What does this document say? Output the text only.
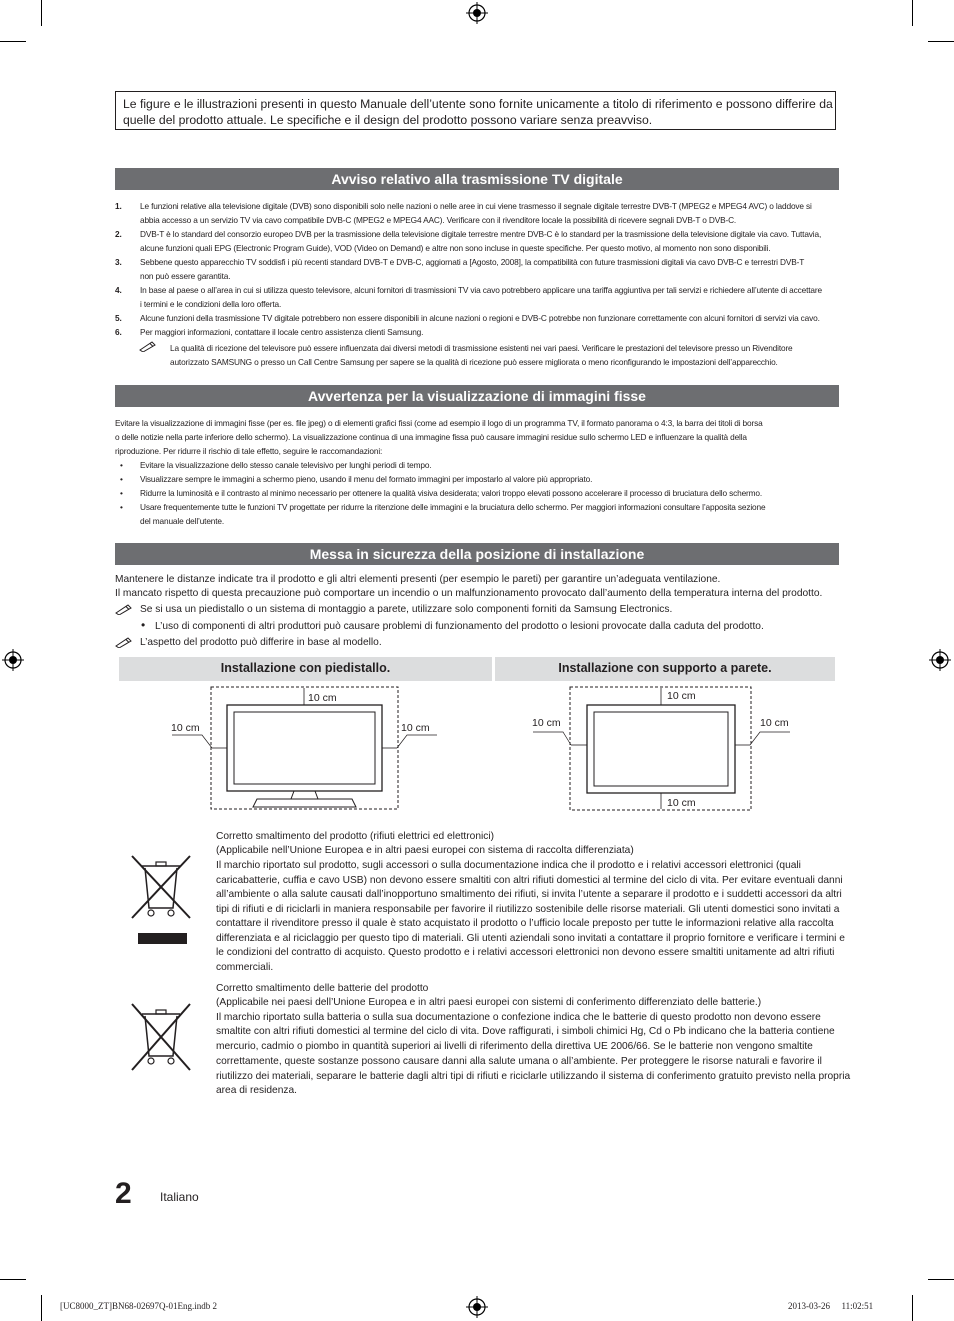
Le figure e le illustrazioni presenti in questo Manuale dell’utente sono fornite unicamente a titolo di riferimento e possono differire da quelle del prodotto attuale. Le specifiche e il design del prodotto possono variare senza preavviso.
Avviso relativo alla trasmissione TV digitale
1. Le funzioni relative alla televisione digitale (DVB) sono disponibili solo nelle nazioni o nelle aree in cui viene trasmesso il segnale digitale terrestre DVB-T (MPEG2 e MPEG4 AVC) o laddove si
abbia accesso a un servizio TV via cavo compatibile DVB-C (MPEG2 e MPEG4 AAC). Verificare con il rivenditore locale la possibilità di ricevere segnali DVB-T o DVB-C.
2. DVB-T è lo standard del consorzio europeo DVB per la trasmissione della televisione digitale terrestre mentre DVB-C è lo standard per la trasmissione della televisione digitale via cavo. Tuttavia,
alcune funzioni quali EPG (Electronic Program Guide), VOD (Video on Demand) e altre non sono incluse in queste specifiche. Per questo motivo, al momento non sono disponibili.
3. Sebbene questo apparecchio TV soddisfi i più recenti standard DVB-T e DVB-C, aggiornati a [Agosto, 2008], la compatibilità con future trasmissioni digitali via cavo DVB-C e terrestri DVB-T
non può essere garantita.
4. In base al paese o all’area in cui si utilizza questo televisore, alcuni fornitori di trasmissioni TV via cavo potrebbero applicare una tariffa aggiuntiva per tali servizi e richiedere all’utente di accettare
i termini e le condizioni della loro offerta.
5. Alcune funzioni della trasmissione TV digitale potrebbero non essere disponibili in alcune nazioni o regioni e DVB-C potrebbe non funzionare correttamente con alcuni fornitori di servizi via cavo.
6. Per maggiori informazioni, contattare il locale centro assistenza clienti Samsung.
La qualità di ricezione del televisore può essere influenzata dai diversi metodi di trasmissione esistenti nei vari paesi. Verificare le prestazioni del televisore presso un Rivenditore
autorizzato SAMSUNG o presso un Call Centre Samsung per sapere se la qualità di ricezione può essere migliorata o meno riconfigurando le impostazioni dell’apparecchio.
Avvertenza per la visualizzazione di immagini fisse
Evitare la visualizzazione di immagini fisse (per es. file jpeg) o di elementi grafici fissi (come ad esempio il logo di un programma TV, il formato panorama o 4:3, la barra dei titoli di borsa
o delle notizie nella parte inferiore dello schermo). La visualizzazione continua di una immagine fissa può causare immagini residue sullo schermo LED e influenzare la qualità della
riproduzione. Per ridurre il rischio di tale effetto, seguire le raccomandazioni:
• Evitare la visualizzazione dello stesso canale televisivo per lunghi periodi di tempo.
• Visualizzare sempre le immagini a schermo pieno, usando il menu del formato immagini per impostarlo al valore più appropriato.
• Ridurre la luminosità e il contrasto al minimo necessario per ottenere la qualità visiva desiderata; valori troppo elevati possono accelerare il processo di bruciatura dello schermo.
• Usare frequentemente tutte le funzioni TV progettate per ridurre la ritenzione delle immagini e la bruciatura dello schermo. Per maggiori informazioni consultare l’apposita sezione
del manuale dell’utente.
Messa in sicurezza della posizione di installazione
Mantenere le distanze indicate tra il prodotto e gli altri elementi presenti (per esempio le pareti) per garantire un’adeguata ventilazione.
Il mancato rispetto di questa precauzione può comportare un incendio o un malfunzionamento provocato dall’aumento della temperatura interna del prodotto.
Se si usa un piedistallo o un sistema di montaggio a parete, utilizzare solo componenti forniti da Samsung Electronics.
• L’uso di componenti di altri produttori può causare problemi di funzionamento del prodotto o lesioni provocate dalla caduta del prodotto.
L’aspetto del prodotto può differire in base al modello.
Installazione con piedistallo.	Installazione con supporto a parete.
10 cm
10 cm	10 cm
10 cm
10 cm	10 cm
10 cm
Corretto smaltimento del prodotto (rifiuti elettrici ed elettronici)
(Applicabile nell’Unione Europea e in altri paesi europei con sistema di raccolta differenziata)
Il marchio riportato sul prodotto, sugli accessori o sulla documentazione indica che il prodotto e i relativi accessori elettronici (quali
caricabatterie, cuffia e cavo USB) non devono essere smaltiti con altri rifiuti domestici al termine del ciclo di vita. Per evitare eventuali danni
all’ambiente o alla salute causati dall’inopportuno smaltimento dei rifiuti, si invita l’utente a separare il prodotto e i suddetti accessori da altri
tipi di rifiuti e di riciclarli in maniera responsabile per favorire il riutilizzo sostenibile delle risorse materiali. Gli utenti domestici sono invitati a
contattare il rivenditore presso il quale è stato acquistato il prodotto o l’ufficio locale preposto per tutte le informazioni relative alla raccolta
differenziata e al riciclaggio per questo tipo di materiali. Gli utenti aziendali sono invitati a contattare il proprio fornitore e verificare i termini e
le condizioni del contratto di acquisto. Questo prodotto e i relativi accessori elettronici non devono essere smaltiti unitamente ad altri rifiuti
commerciali.
Corretto smaltimento delle batterie del prodotto
(Applicabile nei paesi dell’Unione Europea e in altri paesi europei con sistemi di conferimento differenziato delle batterie.)
Il marchio riportato sulla batteria o sulla sua documentazione o confezione indica che le batterie di questo prodotto non devono essere
smaltite con altri rifiuti domestici al termine del ciclo di vita. Dove raffigurati, i simboli chimici Hg, Cd o Pb indicano che la batteria contiene
mercurio, cadmio o piombo in quantità superiori ai livelli di riferimento della direttiva UE 2006/66. Se le batterie non vengono smaltite
correttamente, queste sostanze possono causare danni alla salute umana o all’ambiente. Per proteggere le risorse naturali e favorire il
riutilizzo dei materiali, separare le batterie dagli altri tipi di rifiuti e riciclarle utilizzando il sistema di conferimento gratuito previsto nella propria
area di residenza.
2 Italiano
[UC8000_ZT]BN68-02697Q-01Eng.indb 2	2013-03-26   11:02:51
